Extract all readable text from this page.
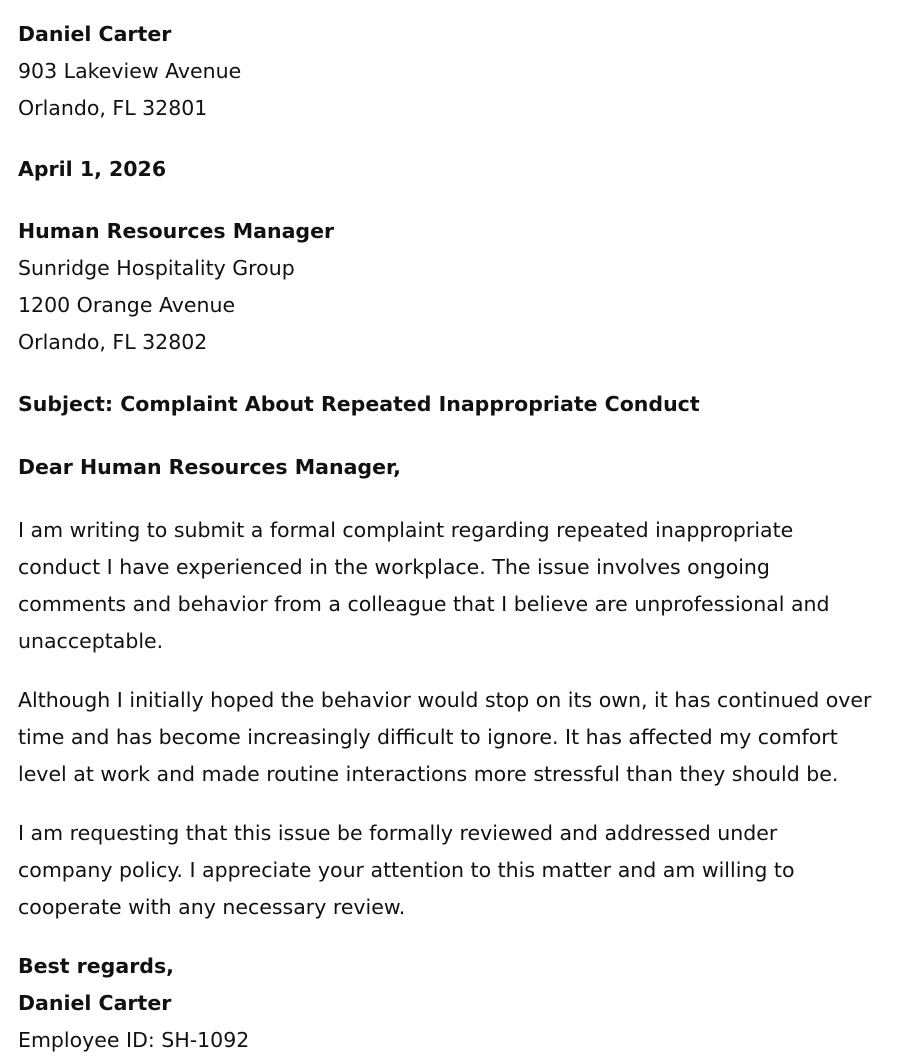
Daniel Carter
903 Lakeview Avenue
Orlando, FL 32801
April 1, 2026
Human Resources Manager
Sunridge Hospitality Group
1200 Orange Avenue
Orlando, FL 32802
Subject: Complaint About Repeated Inappropriate Conduct
Dear Human Resources Manager,

I am writing to submit a formal complaint regarding repeated inappropriate conduct I have experienced in the workplace. The issue involves ongoing comments and behavior from a colleague that I believe are unprofessional and unacceptable.

Although I initially hoped the behavior would stop on its own, it has continued over time and has become increasingly difficult to ignore. It has affected my comfort level at work and made routine interactions more stressful than they should be.

I am requesting that this issue be formally reviewed and addressed under company policy. I appreciate your attention to this matter and am willing to cooperate with any necessary review.

Best regards,
Daniel Carter
Employee ID: SH-1092
